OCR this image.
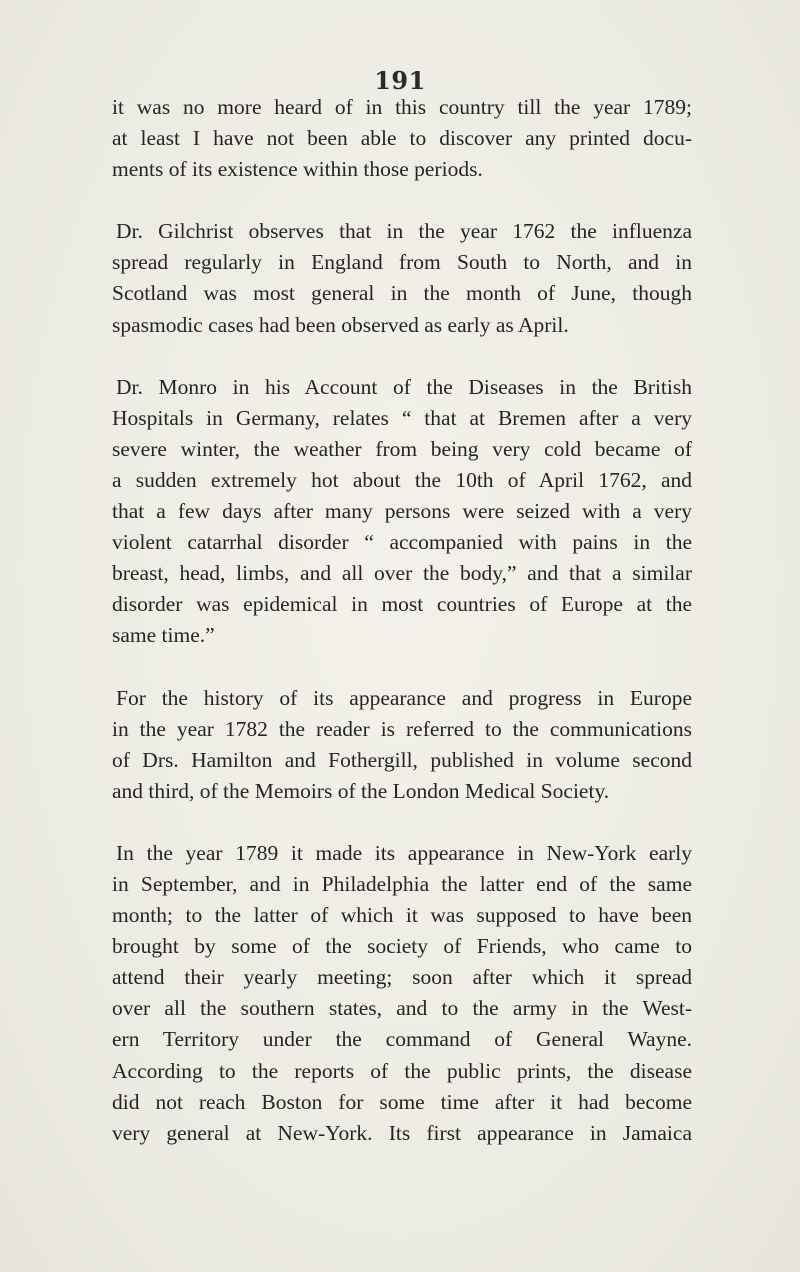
191
it was no more heard of in this country till the year 1789;
at least I have not been able to discover any printed docu-
ments of its existence within those periods.
Dr. Gilchrist observes that in the year 1762 the influenza
spread regularly in England from South to North, and in
Scotland was most general in the month of June, though
spasmodic cases had been observed as early as April.
Dr. Monro in his Account of the Diseases in the British
Hospitals in Germany, relates “ that at Bremen after a very
severe winter, the weather from being very cold became of
a sudden extremely hot about the 10th of April 1762, and
that a few days after many persons were seized with a very
violent catarrhal disorder “ accompanied with pains in the
breast, head, limbs, and all over the body,” and that a similar
disorder was epidemical in most countries of Europe at the
same time.”
For the history of its appearance and progress in Europe
in the year 1782 the reader is referred to the communications
of Drs. Hamilton and Fothergill, published in volume second
and third, of the Memoirs of the London Medical Society.
In the year 1789 it made its appearance in New-York early
in September, and in Philadelphia the latter end of the same
month; to the latter of which it was supposed to have been
brought by some of the society of Friends, who came to
attend their yearly meeting; soon after which it spread
over all the southern states, and to the army in the West-
ern Territory under the command of General Wayne.
According to the reports of the public prints, the disease
did not reach Boston for some time after it had become
very general at New-York. Its first appearance in Jamaica
